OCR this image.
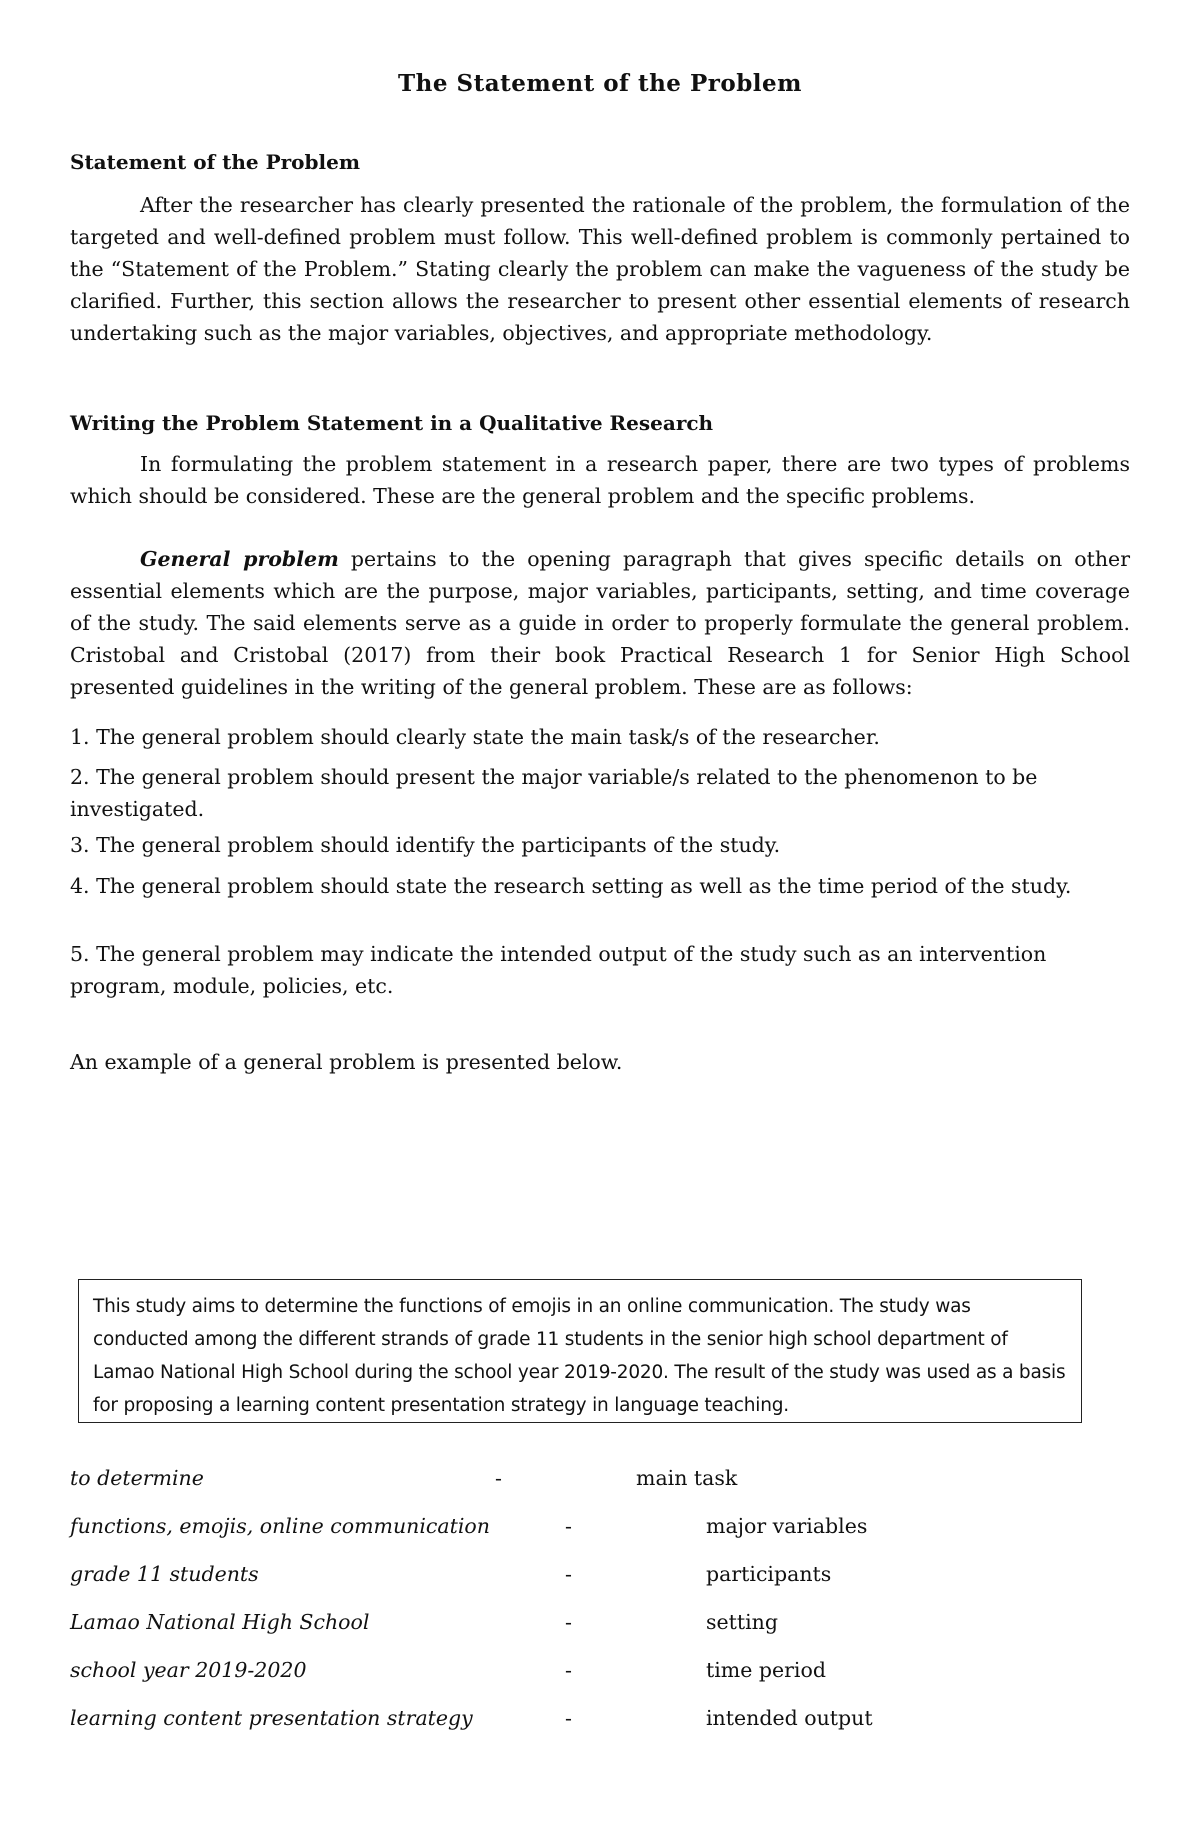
The Statement of the Problem
Statement of the Problem

After the researcher has clearly presented the rationale of the problem, the formulation of the targeted and well-defined problem must follow. This well-defined problem is commonly pertained to the “Statement of the Problem.” Stating clearly the problem can make the vagueness of the study be clarified. Further, this section allows the researcher to present other essential elements of research undertaking such as the major variables, objectives, and appropriate methodology.

Writing the Problem Statement in a Qualitative Research

In formulating the problem statement in a research paper, there are two types of problems which should be considered. These are the general problem and the specific problems.

General problem pertains to the opening paragraph that gives specific details on other essential elements which are the purpose, major variables, participants, setting, and time coverage of the study. The said elements serve as a guide in order to properly formulate the general problem. Cristobal and Cristobal (2017) from their book Practical Research 1 for Senior High School presented guidelines in the writing of the general problem. These are as follows:

1. The general problem should clearly state the main task/s of the researcher.

2. The general problem should present the major variable/s related to the phenomenon to be investigated.

3. The general problem should identify the participants of the study.

4. The general problem should state the research setting as well as the time period of the study.

5. The general problem may indicate the intended output of the study such as an intervention program, module, policies, etc.

An example of a general problem is presented below.

This study aims to determine the functions of emojis in an online communication. The study was conducted among the different strands of grade 11 students in the senior high school department of Lamao National High School during the school year 2019-2020. The result of the study was used as a basis for proposing a learning content presentation strategy in language teaching.
to determine	-	main task
functions, emojis, online communication	-	major variables
grade 11 students	-	participants
Lamao National High School	-	setting
school year 2019-2020	-	time period
learning content presentation strategy	-	intended output
